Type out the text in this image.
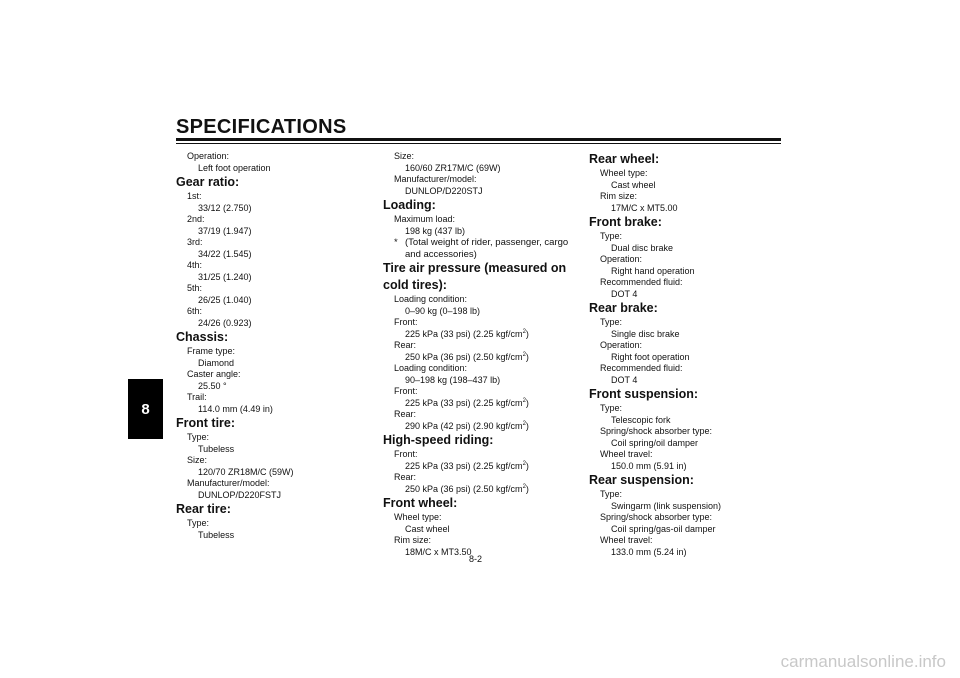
SPECIFICATIONS
8
Operation:
Left foot operation
Gear ratio:
1st:
33/12 (2.750)
2nd:
37/19 (1.947)
3rd:
34/22 (1.545)
4th:
31/25 (1.240)
5th:
26/25 (1.040)
6th:
24/26 (0.923)
Chassis:
Frame type:
Diamond
Caster angle:
25.50 °
Trail:
114.0 mm (4.49 in)
Front tire:
Type:
Tubeless
Size:
120/70 ZR18M/C (59W)
Manufacturer/model:
DUNLOP/D220FSTJ
Rear tire:
Type:
Tubeless
Size:
160/60 ZR17M/C (69W)
Manufacturer/model:
DUNLOP/D220STJ
Loading:
Maximum load:
198 kg (437 lb)
* (Total weight of rider, passenger, cargo
and accessories)
Tire air pressure (measured on cold tires):
Loading condition:
0–90 kg (0–198 lb)
Front:
225 kPa (33 psi) (2.25 kgf/$cm^2$)
Rear:
250 kPa (36 psi) (2.50 kgf/$cm^2$)
Loading condition:
90–198 kg (198–437 lb)
Front:
225 kPa (33 psi) (2.25 kgf/$cm^2$)
Rear:
290 kPa (42 psi) (2.90 kgf/$cm^2$)
High-speed riding:
Front:
225 kPa (33 psi) (2.25 kgf/$cm^2$)
Rear:
250 kPa (36 psi) (2.50 kgf/$cm^2$)
Front wheel:
Wheel type:
Cast wheel
Rim size:
18M/C x MT3.50
Rear wheel:
Wheel type:
Cast wheel
Rim size:
17M/C x MT5.00
Front brake:
Type:
Dual disc brake
Operation:
Right hand operation
Recommended fluid:
DOT 4
Rear brake:
Type:
Single disc brake
Operation:
Right foot operation
Recommended fluid:
DOT 4
Front suspension:
Type:
Telescopic fork
Spring/shock absorber type:
Coil spring/oil damper
Wheel travel:
150.0 mm (5.91 in)
Rear suspension:
Type:
Swingarm (link suspension)
Spring/shock absorber type:
Coil spring/gas-oil damper
Wheel travel:
133.0 mm (5.24 in)
8-2
carmanualsonline.info
